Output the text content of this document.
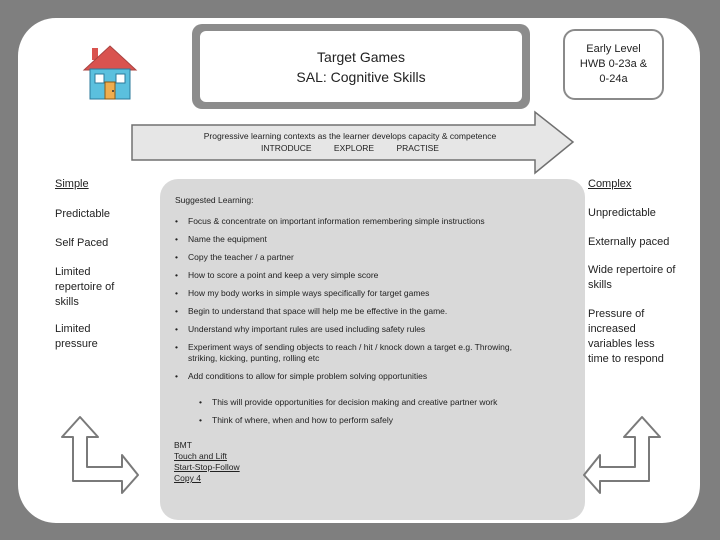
Target Games
SAL: Cognitive Skills
Early Level
HWB 0-23a &
0-24a
Progressive learning contexts as the learner develops capacity & competence
INTRODUCE	EXPLORE	PRACTISE
Simple
Predictable
Self Paced
Limited repertoire of skills
Limited pressure
Complex
Unpredictable
Externally paced
Wide repertoire of skills
Pressure of increased variables less time to respond
Suggested Learning:
• Focus & concentrate on important information remembering simple instructions
• Name the equipment
• Copy the teacher / a partner
• How to score a point and keep a very simple score
• How my body works in simple ways specifically for target games
• Begin to understand that space will help me be effective in the game.
• Understand why important rules are used including safety rules
• Experiment ways of sending objects to reach / hit / knock down a target e.g. Throwing, striking, kicking, punting, rolling etc
• Add conditions to allow for simple problem solving opportunities
• This will provide opportunities for decision making and creative partner work
• Think of where, when and how to perform safely
BMT
Touch and Lift
Start-Stop-Follow
Copy 4
